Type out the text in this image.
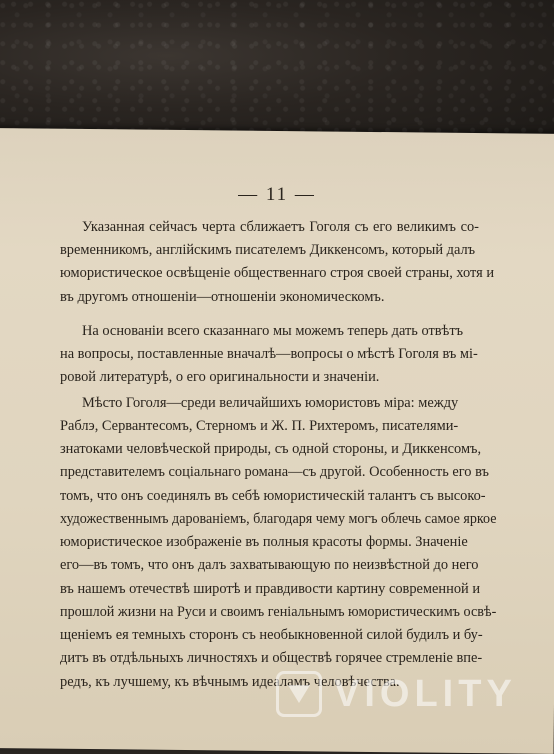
— 11 —
Указанная сейчасъ черта сближаетъ Гоголя съ его великимъ со-
временникомъ, англійскимъ писателемъ Диккенсомъ, который далъ
юмористическое освѣщеніе общественнаго строя своей страны, хотя и
въ другомъ отношеніи—отношеніи экономическомъ.
На основаніи всего сказаннаго мы можемъ теперь дать отвѣтъ
на вопросы, поставленные вначалѣ—вопросы о мѣстѣ Гоголя въ мі-
ровой литературѣ, о его оригинальности и значеніи.
Мѣсто Гоголя—среди величайшихъ юмористовъ міра: между
Раблэ, Сервантесомъ, Стерномъ и Ж. П. Рихтеромъ, писателями-
знатоками человѣческой природы, съ одной стороны, и Диккенсомъ,
представителемъ соціальнаго романа—съ другой. Особенность его въ
томъ, что онъ соединялъ въ себѣ юмористическій талантъ съ высоко-
художественнымъ дарованіемъ, благодаря чему могъ облечь самое яркое
юмористическое изображеніе въ полныя красоты формы. Значеніе
его—въ томъ, что онъ далъ захватывающую по неизвѣстной до него
въ нашемъ отечествѣ широтѣ и правдивости картину современной и
прошлой жизни на Руси и своимъ геніальнымъ юмористическимъ освѣ-
щеніемъ ея темныхъ сторонъ съ необыкновенной силой будилъ и бу-
дитъ въ отдѣльныхъ личностяхъ и обществѣ горячее стремленіе впе-
редъ, къ лучшему, къ вѣчнымъ идеаламъ человѣчества.
VIOLITY
